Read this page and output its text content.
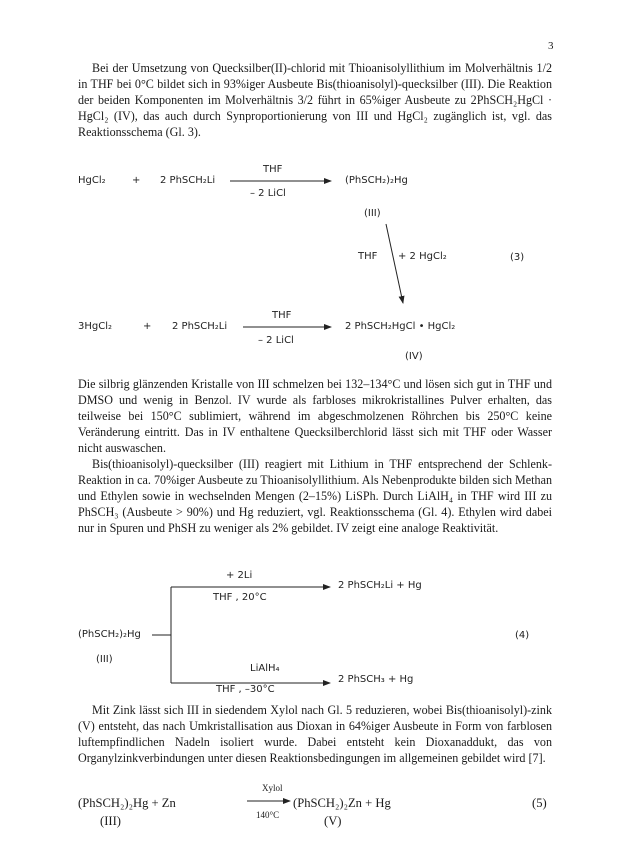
3

Bei der Umsetzung von Quecksilber(II)-chlorid mit Thioanisolyllithium im Molverhältnis 1/2 in THF bei 0°C bildet sich in 93%iger Ausbeute Bis(thioanisolyl)-quecksilber (III). Die Reaktion der beiden Komponenten im Molverhältnis 3/2 führt in 65%iger Ausbeute zu 2PhSCH₂HgCl · HgCl₂ (IV), das auch durch Synproportionierung von III und HgCl₂ zugänglich ist, vgl. das Reaktionsschema (Gl. 3).

HgCl₂	+ 2 PhSCH₂Li
THF
– 2 LiCl
(PhSCH₂)₂Hg
(III)
THF + 2 HgCl₂	(3)
3HgCl₂	+ 2 PhSCH₂Li
THF
– 2 LiCl
2 PhSCH₂HgCl • HgCl₂
(IV)

Die silbrig glänzenden Kristalle von III schmelzen bei 132–134°C und lösen sich gut in THF und DMSO und wenig in Benzol. IV wurde als farbloses mikrokristallines Pulver erhalten, das teilweise bei 150°C sublimiert, während im abgeschmolzenen Röhrchen bis 250°C keine Veränderung eintritt. Das in IV enthaltene Quecksilberchlorid lässt sich mit THF oder Wasser nicht auswaschen.

Bis(thioanisolyl)-quecksilber (III) reagiert mit Lithium in THF entsprechend der Schlenk-Reaktion in ca. 70%iger Ausbeute zu Thioanisolyllithium. Als Nebenprodukte bilden sich Methan und Ethylen sowie in wechselnden Mengen (2–15%) LiSPh. Durch LiAlH₄ in THF wird III zu PhSCH₃ (Ausbeute > 90%) und Hg reduziert, vgl. Reaktionsschema (Gl. 4). Ethylen wird dabei nur in Spuren und PhSH zu weniger als 2% gebildet. IV zeigt eine analoge Reaktivität.

+ 2Li
THF , 20°C
2 PhSCH₂Li + Hg
(PhSCH₂)₂Hg
(III)
(4)
LiAlH₄
THF , –30°C
2 PhSCH₃ + Hg

Mit Zink lässt sich III in siedendem Xylol nach Gl. 5 reduzieren, wobei Bis(thioanisolyl)-zink (V) entsteht, das nach Umkristallisation aus Dioxan in 64%iger Ausbeute in Form von farblosen luftempfindlichen Nadeln isoliert wurde. Dabei entsteht kein Dioxanaddukt, das von Organylzinkverbindungen unter diesen Reaktionsbedingungen im allgemeinen gebildet wird [7].

(PhSCH₂)₂Hg + Zn
Xylol
140°C
(PhSCH₂)₂Zn + Hg
(III)	(V)
(5)
